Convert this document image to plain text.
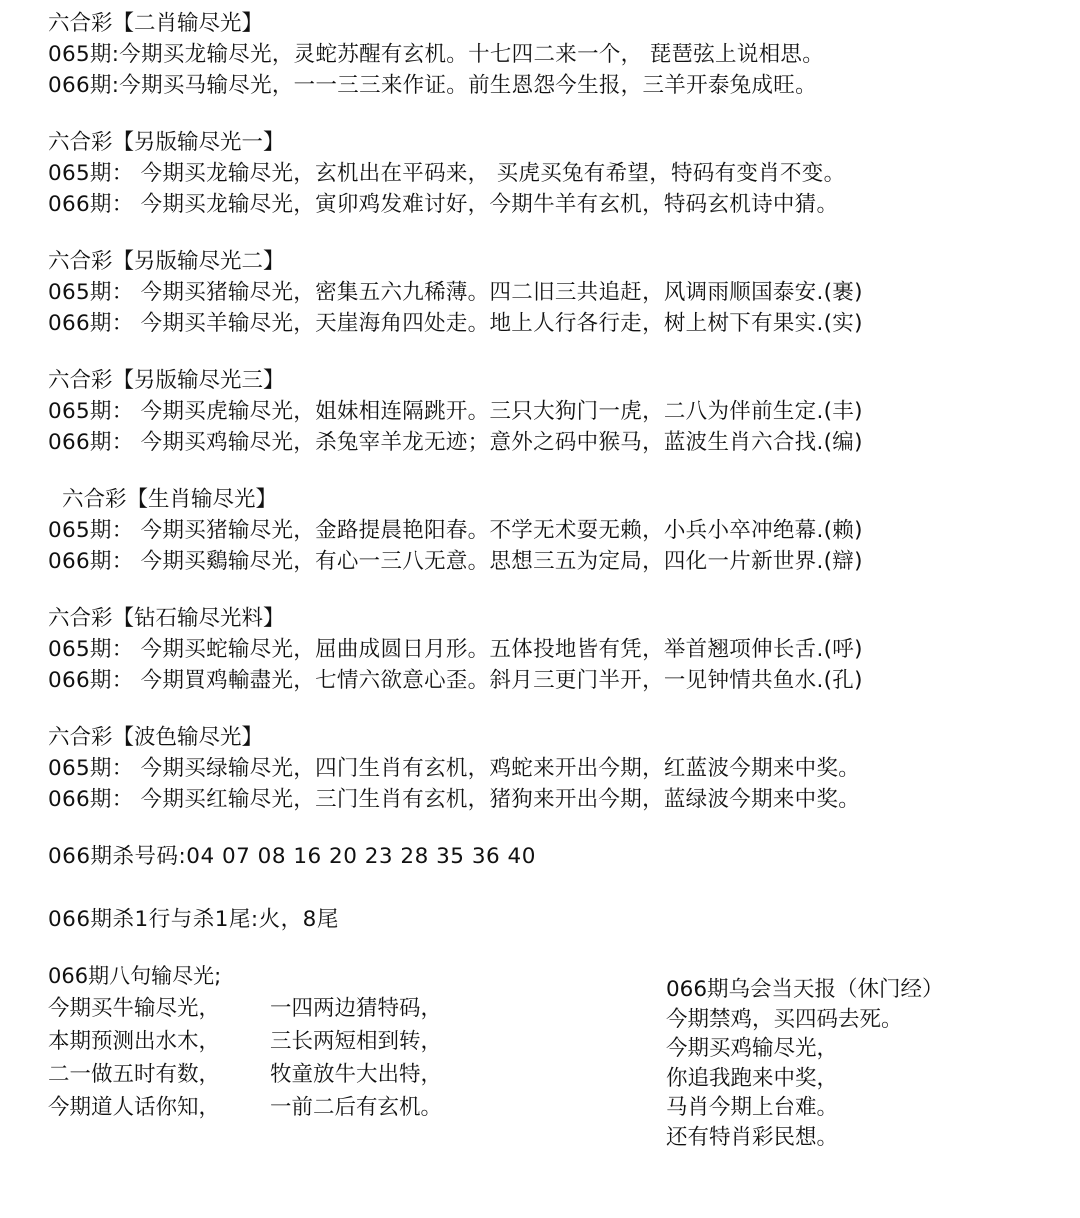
六合彩【二肖输尽光】
065期:今期买龙输尽光，灵蛇苏醒有玄机。十七四二来一个， 琵琶弦上说相思。
066期:今期买马输尽光，一一三三来作证。前生恩怨今生报，三羊开泰兔成旺。
六合彩【另版输尽光一】
065期： 今期买龙输尽光，玄机出在平码来， 买虎买兔有希望，特码有变肖不变。
066期： 今期买龙输尽光，寅卯鸡发难讨好，今期牛羊有玄机，特码玄机诗中猜。
六合彩【另版输尽光二】
065期： 今期买猪输尽光，密集五六九稀薄。四二旧三共追赶，风调雨顺国泰安.(裹)
066期： 今期买羊输尽光，天崖海角四处走。地上人行各行走，树上树下有果实.(实)
六合彩【另版输尽光三】
065期： 今期买虎输尽光，姐妹相连隔跳开。三只大狗门一虎，二八为伴前生定.(丰)
066期： 今期买鸡输尽光，杀兔宰羊龙无迹；意外之码中猴马，蓝波生肖六合找.(编)
六合彩【生肖输尽光】
065期： 今期买猪输尽光，金路提晨艳阳春。不学无术耍无赖，小兵小卒冲绝幕.(赖)
066期： 今期买鷄输尽光，有心一三八无意。思想三五为定局，四化一片新世界.(辯)
六合彩【钻石输尽光料】
065期： 今期买蛇输尽光，屈曲成圆日月形。五体投地皆有凭，举首翘项伸长舌.(呼)
066期： 今期買鸡輸盡光，七情六欲意心歪。斜月三更门半开，一见钟情共鱼水.(孔)
六合彩【波色输尽光】
065期： 今期买绿输尽光，四门生肖有玄机，鸡蛇来开出今期，红蓝波今期来中奖。
066期： 今期买红输尽光，三门生肖有玄机，猪狗来开出今期，蓝绿波今期来中奖。
066期杀号码:04 07 08 16 20 23 28 35 36 40
066期杀1行与杀1尾:火，8尾
066期八句输尽光;
今期买牛输尽光， 一四两边猜特码，
本期预测出水木， 三长两短相到转，
二一做五时有数， 牧童放牛大出特，
今期道人话你知， 一前二后有玄机。
066期乌会当天报（休门经）
今期禁鸡，买四码去死。
今期买鸡输尽光，
你追我跑来中奖，
马肖今期上台难。
还有特肖彩民想。
